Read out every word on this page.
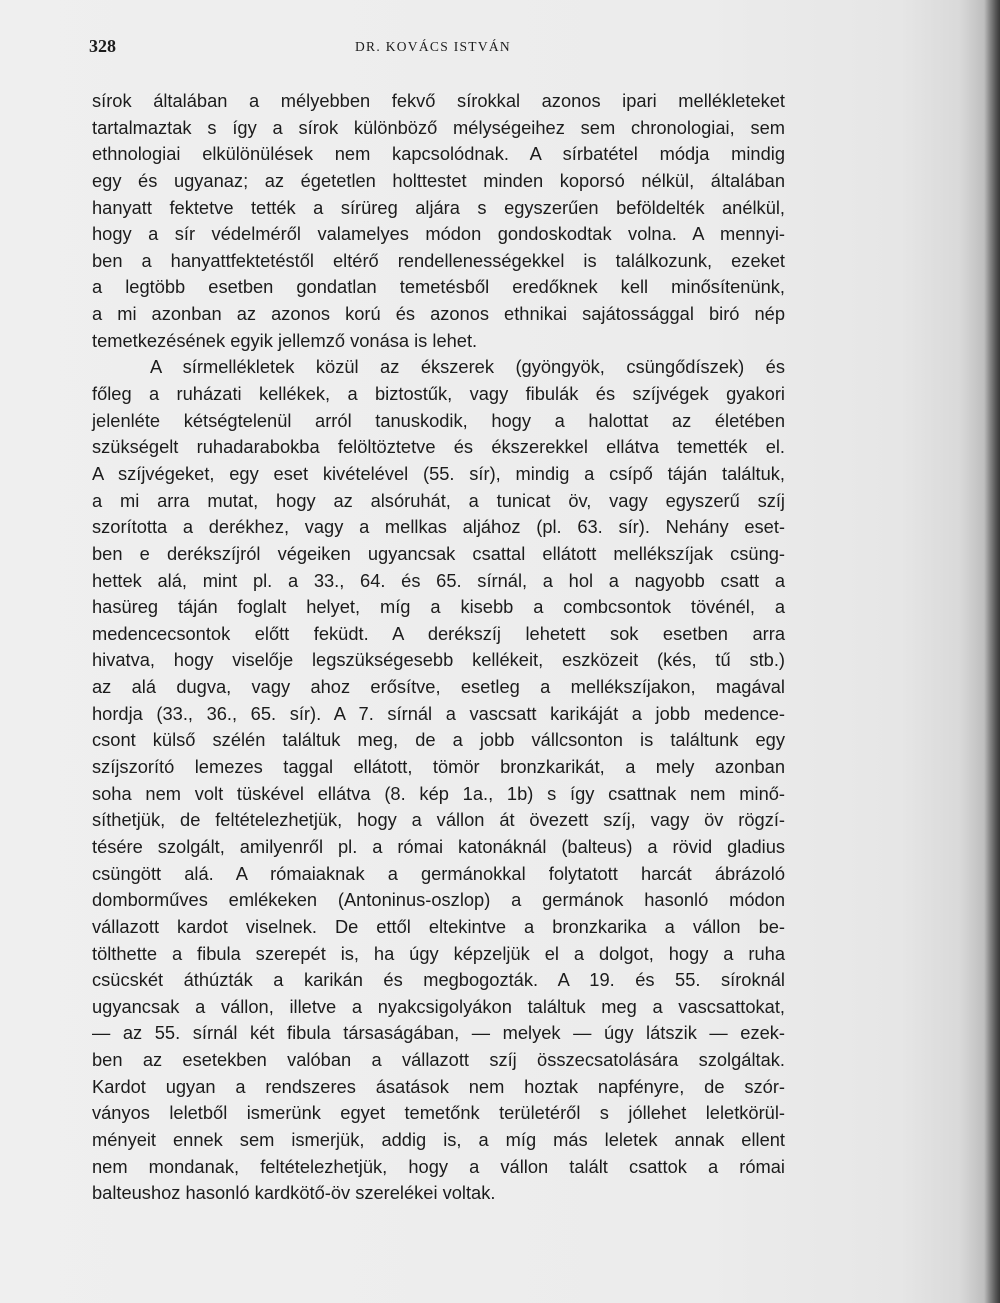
328	DR. KOVÁCS ISTVÁN
sírok általában a mélyebben fekvő sírokkal azonos ipari mellékleteket
tartalmaztak s így a sírok különböző mélységeihez sem chronologiai, sem
ethnologiai elkülönülések nem kapcsolódnak. A sírbatétel módja mindig
egy és ugyanaz; az égetetlen holttestet minden koporsó nélkül, általában
hanyatt fektetve tették a sírüreg aljára s egyszerűen beföldelték anélkül,
hogy a sír védelméről valamelyes módon gondoskodtak volna. A mennyi-
ben a hanyattfektetéstől eltérő rendellenességekkel is találkozunk, ezeket
a legtöbb esetben gondatlan temetésből eredőknek kell minősítenünk,
a mi azonban az azonos korú és azonos ethnikai sajátossággal biró nép
temetkezésének egyik jellemző vonása is lehet.
A sírmellékletek közül az ékszerek (gyöngyök, csüngődíszek) és
főleg a ruházati kellékek, a biztostűk, vagy fibulák és szíjvégek gyakori
jelenléte kétségtelenül arról tanuskodik, hogy a halottat az életében
szükségelt ruhadarabokba felöltöztetve és ékszerekkel ellátva temették el.
A szíjvégeket, egy eset kivételével (55. sír), mindig a csípő táján találtuk,
a mi arra mutat, hogy az alsóruhát, a tunicat öv, vagy egyszerű szíj
szorította a derékhez, vagy a mellkas aljához (pl. 63. sír). Nehány eset-
ben e derékszíjról végeiken ugyancsak csattal ellátott mellékszíjak csüng-
hettek alá, mint pl. a 33., 64. és 65. sírnál, a hol a nagyobb csatt a
hasüreg táján foglalt helyet, míg a kisebb a combcsontok tövénél, a
medencecsontok előtt feküdt. A derékszíj lehetett sok esetben arra
hivatva, hogy viselője legszükségesebb kellékeit, eszközeit (kés, tű stb.)
az alá dugva, vagy ahoz erősítve, esetleg a mellékszíjakon, magával
hordja (33., 36., 65. sír). A 7. sírnál a vascsatt karikáját a jobb medence-
csont külső szélén találtuk meg, de a jobb vállcsonton is találtunk egy
szíjszorító lemezes taggal ellátott, tömör bronzkarikát, a mely azonban
soha nem volt tüskével ellátva (8. kép 1a., 1b) s így csattnak nem minő-
síthetjük, de feltételezhetjük, hogy a vállon át övezett szíj, vagy öv rögzí-
tésére szolgált, amilyenről pl. a római katonáknál (balteus) a rövid gladius
csüngött alá. A rómaiaknak a germánokkal folytatott harcát ábrázoló
domborműves emlékeken (Antoninus-oszlop) a germánok hasonló módon
vállazott kardot viselnek. De ettől eltekintve a bronzkarika a vállon be-
tölthette a fibula szerepét is, ha úgy képzeljük el a dolgot, hogy a ruha
csücskét áthúzták a karikán és megbogozták. A 19. és 55. síroknál
ugyancsak a vállon, illetve a nyakcsigolyákon találtuk meg a vascsattokat,
— az 55. sírnál két fibula társaságában, — melyek — úgy látszik — ezek-
ben az esetekben valóban a vállazott szíj összecsatolására szolgáltak.
Kardot ugyan a rendszeres ásatások nem hoztak napfényre, de szór-
ványos leletből ismerünk egyet temetőnk területéről s jóllehet leletkörül-
ményeit ennek sem ismerjük, addig is, a míg más leletek annak ellent
nem mondanak, feltételezhetjük, hogy a vállon talált csattok a római
balteushoz hasonló kardkötő-öv szerelékei voltak.
